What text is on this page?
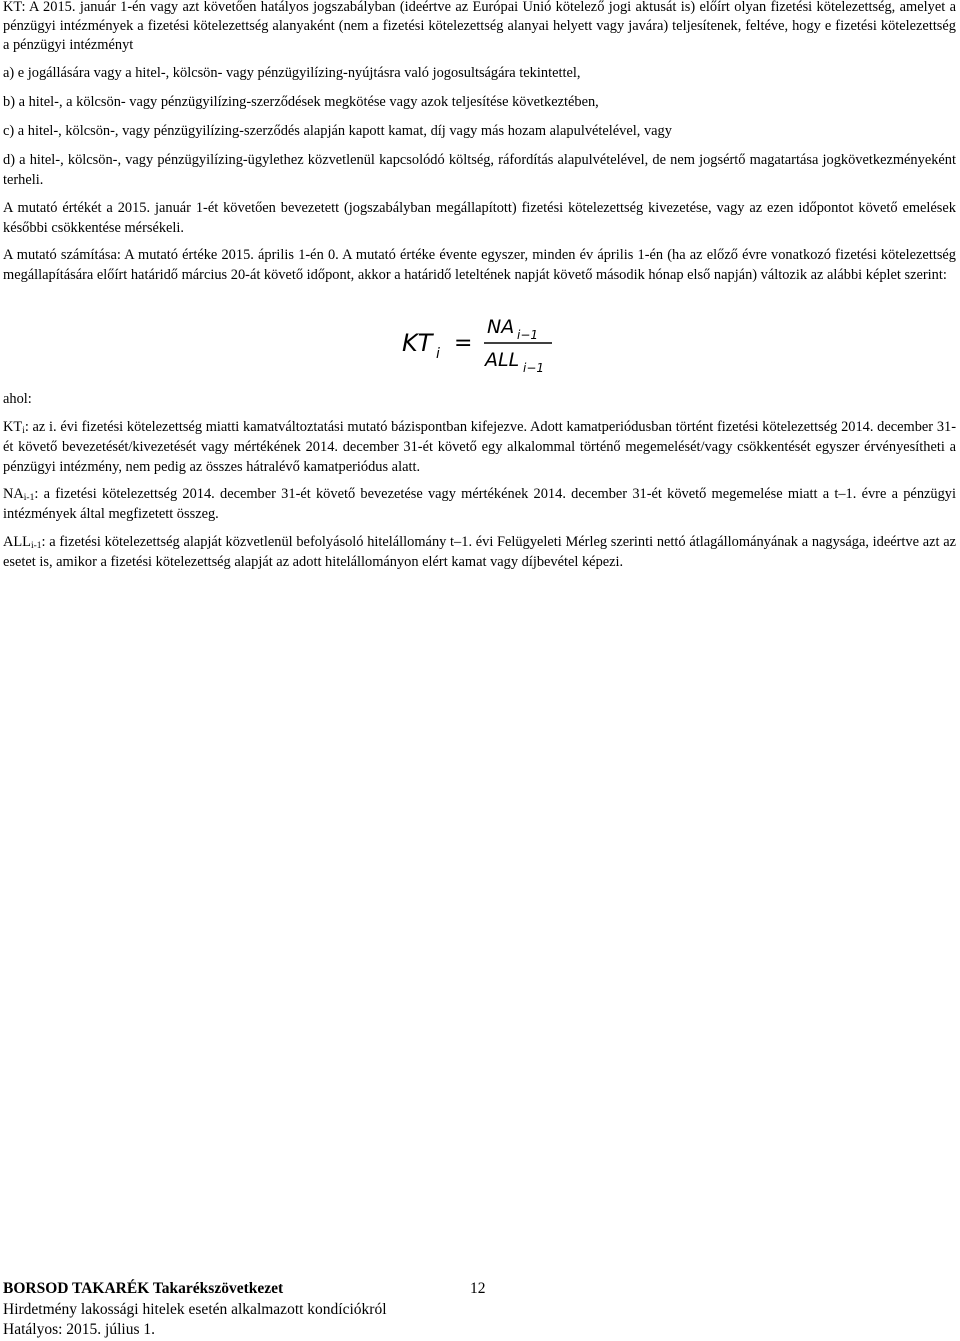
KT: A 2015. január 1-én vagy azt követően hatályos jogszabályban (ideértve az Európai Unió kötelező jogi aktusát is) előírt olyan fizetési kötelezettség, amelyet a pénzügyi intézmények a fizetési kötelezettség alanyaként (nem a fizetési kötelezettség alanyai helyett vagy javára) teljesítenek, feltéve, hogy e fizetési kötelezettség a pénzügyi intézményt

a) e jogállására vagy a hitel-, kölcsön- vagy pénzügyilízing-nyújtásra való jogosultságára tekintettel,

b) a hitel-, a kölcsön- vagy pénzügyilízing-szerződések megkötése vagy azok teljesítése következtében,

c) a hitel-, kölcsön-, vagy pénzügyilízing-szerződés alapján kapott kamat, díj vagy más hozam alapulvételével, vagy

d) a hitel-, kölcsön-, vagy pénzügyilízing-ügylethez közvetlenül kapcsolódó költség, ráfordítás alapulvételével, de nem jogsértő magatartása jogkövetkezményeként terheli.

A mutató értékét a 2015. január 1-ét követően bevezetett (jogszabályban megállapított) fizetési kötelezettség kivezetése, vagy az ezen időpontot követő emelések későbbi csökkentése mérsékeli.

A mutató számítása: A mutató értéke 2015. április 1-én 0. A mutató értéke évente egyszer, minden év április 1-én (ha az előző évre vonatkozó fizetési kötelezettség megállapítására előírt határidő március 20-át követő időpont, akkor a határidő leteltének napját követő második hónap első napján) változik az alábbi képlet szerint:

KT i =
NA i−1
ALL i−1

ahol:

$KT_i$: az i. évi fizetési kötelezettség miatti kamatváltoztatási mutató bázispontban kifejezve. Adott kamatperiódusban történt fizetési kötelezettség 2014. december 31-ét követő bevezetését/kivezetését vagy mértékének 2014. december 31-ét követő egy alkalommal történő megemelését/vagy csökkentését egyszer érvényesítheti a pénzügyi intézmény, nem pedig az összes hátralévő kamatperiódus alatt.

$NA_{i-1}$: a fizetési kötelezettség 2014. december 31-ét követő bevezetése vagy mértékének 2014. december 31-ét követő megemelése miatt a t–1. évre a pénzügyi intézmények által megfizetett összeg.

$ALL_{i-1}$: a fizetési kötelezettség alapját közvetlenül befolyásoló hitelállomány t–1. évi Felügyeleti Mérleg szerinti nettó átlagállományának a nagysága, ideértve azt az esetet is, amikor a fizetési kötelezettség alapját az adott hitelállományon elért kamat vagy díjbevétel képezi.

BORSOD TAKARÉK Takarékszövetkezet	12
Hirdetmény lakossági hitelek esetén alkalmazott kondíciókról
Hatályos: 2015. július 1.
